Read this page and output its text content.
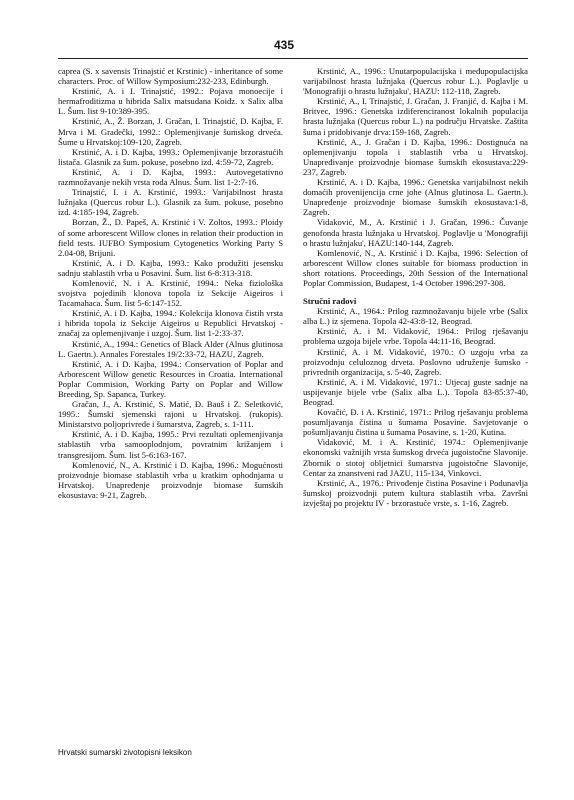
435

caprea (S. x savensis Trinajstić et Krstinic) - inheritance of some characters. Proc. of Willow Symposium:232-233, Edinburgh.

Krstinić, A. i I. Trinajstić, 1992.: Pojava monoecije i hermafroditizma u hibrida Salix matsudana Koidz. x Salix alba L. Šum. list 9-10:389-395.

Krstinić, A., Ž. Borzan, J. Gračan, I. Trinajstić, D. Kajba, F. Mrva i M. Gradečki, 1992.: Oplemenjivanje šumskog drveća. Šume u Hrvatskoj:109-120, Zagreb.

Krstinić, A. i D. Kajba, 1993.: Oplemenjivanje brzorastućih listača. Glasnik za šum. pokuse, posebno izd. 4:59-72, Zagreb.

Krstinić, A. i D. Kajba, 1993.: Autovegetativno razmnožavanje nekih vrsta roda Alnus. Šum. list 1-2:7-16.

Trinajstić, I. i A. Krstinić, 1993.: Varijabilnost hrasta lužnjaka (Quercus robur L.). Glasnik za šum. pokuse, posebno izd. 4:185-194, Zagreb.

Borzan, Ž., D. Papeš, A. Krstinić i V. Zoltos, 1993.: Ploidy of some arborescent Willow clones in relation their production in field tests. IUFBO Symposium Cytogenetics Working Party S 2.04-08, Brijuni.

Krstinić, A. i D. Kajba, 1993.: Kako produžiti jesensku sadnju stablastih vrba u Posavini. Šum. list 6-8:313-318.

Komlenović, N. i A. Krstinić, 1994.: Neka fiziološka svojstva pojedinih klonova topola iz Sekcije Aigeiros i Tacamahaca. Šum. list 5-6:147-152.

Krstinić, A. i D. Kajba, 1994.: Kolekcija klonova čistih vrsta i hibrida topola iz Sekcije Aigeiros u Republici Hrvatskoj - značaj za oplemenjivanje i uzgoj. Šum. list 1-2:33-37.

Krstinić, A., 1994.: Genetics of Black Alder (Alnus glutinosa L. Gaertn.). Annales Forestales 19/2:33-72, HAZU, Zagreb.

Krstinić, A. i D. Kajba, 1994.: Conservation of Poplar and Arborescent Willow genetic Resources in Croatia. International Poplar Commision, Working Party on Poplar and Willow Breeding, Sp. Sapanca, Turkey.

Gračan, J., A. Krstinić, S. Matić, Đ. Bauš i Z. Seletković, 1995.: Šumski sjemenski rajoni u Hrvatskoj. (rukopis). Ministarstvo poljoprivrede i šumarstva, Zagreb, s. 1-111.

Krstinić, A. i D. Kajba, 1995.: Prvi rezultati oplemenjivanja stablastih vrba samooplodnjom, povratnim križanjem i transgresijom. Šum. list 5-6:163-167.

Komlenović, N., A. Krstinić i D. Kajba, 1996.: Mogućnosti proizvodnje biomase stablastih vrba u kratkim ophodnjama u Hrvatskoj. Unapređenje proizvodnje biomase šumskih ekosustava: 9-21, Zagreb.

Krstinić, A., 1996.: Unutarpopulacijska i međupopulacijska varijabilnost hrasta lužnjaka (Quercus robur L.). Poglavlje u 'Monografiji o hrastu lužnjaku', HAZU: 112-118, Zagreb.

Krstinić, A., I. Trinajstić, J. Gračan, J. Franjić, d. Kajba i M. Britvec, 1996.: Genetska izdiferenciranost lokalnih populacija hrasta lužnjaka (Quercus robur L.) na području Hrvatske. Zaštita šuma i pridobivanje drva:159-168, Zagreb.

Krstinić, A., J. Gračan i D. Kajba, 1996.: Dostignuća na oplemenjivanju topola i stablastih vrba u Hrvatskoj. Unapređivanje proizvodnje biomase šumskih ekosustava:229-237, Zagreb.

Krstinić, A. i D. Kajba, 1996.: Genetska varijabilnost nekih domaćih provenijencija crne johe (Alnus glutinosa L. Gaertn.). Unapređenje proizvodnje biomase šumskih ekosustava:1-8, Zagreb.

Vidaković, M., A. Krstinić i J. Gračan, 1996.: Čuvanje genofonda hrasta lužnjaka u Hrvatskoj. Poglavlje u 'Monografiji o hrastu lužnjaku', HAZU:140-144, Zagreb.

Komlenović, N., A. Krstinić i D. Kajba, 1996: Selection of arborescent Willow clones suitable for biomass production in short rotations. Proceedings, 20th Session of the International Poplar Commission, Budapest, 1-4 October 1996:297-308.

Stručni radovi

Krstinić, A., 1964.: Prilog razmnožavanju bijele vrbe (Salix alba L.) iz sjemena. Topola 42-43:8-12, Beograd.

Krstinić, A. i M. Vidaković, 1964.: Prilog rješavanju problema uzgoja bijele vrbe. Topola 44:11-16, Beograd.

Krstinić, A. i M. Vidaković, 1970.: O uzgoju vrba za proizvodnju celuloznog drveta. Poslovno udruženje šumsko - privrednih organizacija, s. 5-40, Zagreb.

Krstinić, A. i M. Vidaković, 1971.: Utjecaj guste sadnje na uspijevanje bijele vrbe (Salix alba L.). Topola 83-85:37-40, Beograd.

Kovačić, Đ. i A. Krstinić, 1971.: Prilog rješavanju problema posumljavanja čistina u šumama Posavine. Savjetovanje o pošumljavanju čistina u šumama Posavine, s. 1-20, Kutina.

Vidaković, M. i A. Krstinić, 1974.: Oplemenjivanje ekonomski važnijih vrsta šumskog drveća jugoistočne Slavonije. Zbornik o stotoj obljetnici šumarstva jugoistočne Slavonije, Centar za znanstveni rad JAZU, 115-134, Vinkovci.

Krstinić, A., 1976.: Privođenje čistina Posavine i Podunavlja šumskoj proizvodnji putem kultura stablastih vrba. Završni izvještaj po projektu IV - brzorastuće vrste, s. 1-16, Zagreb.

Hrvatski sumarski zivotopisni leksikon
